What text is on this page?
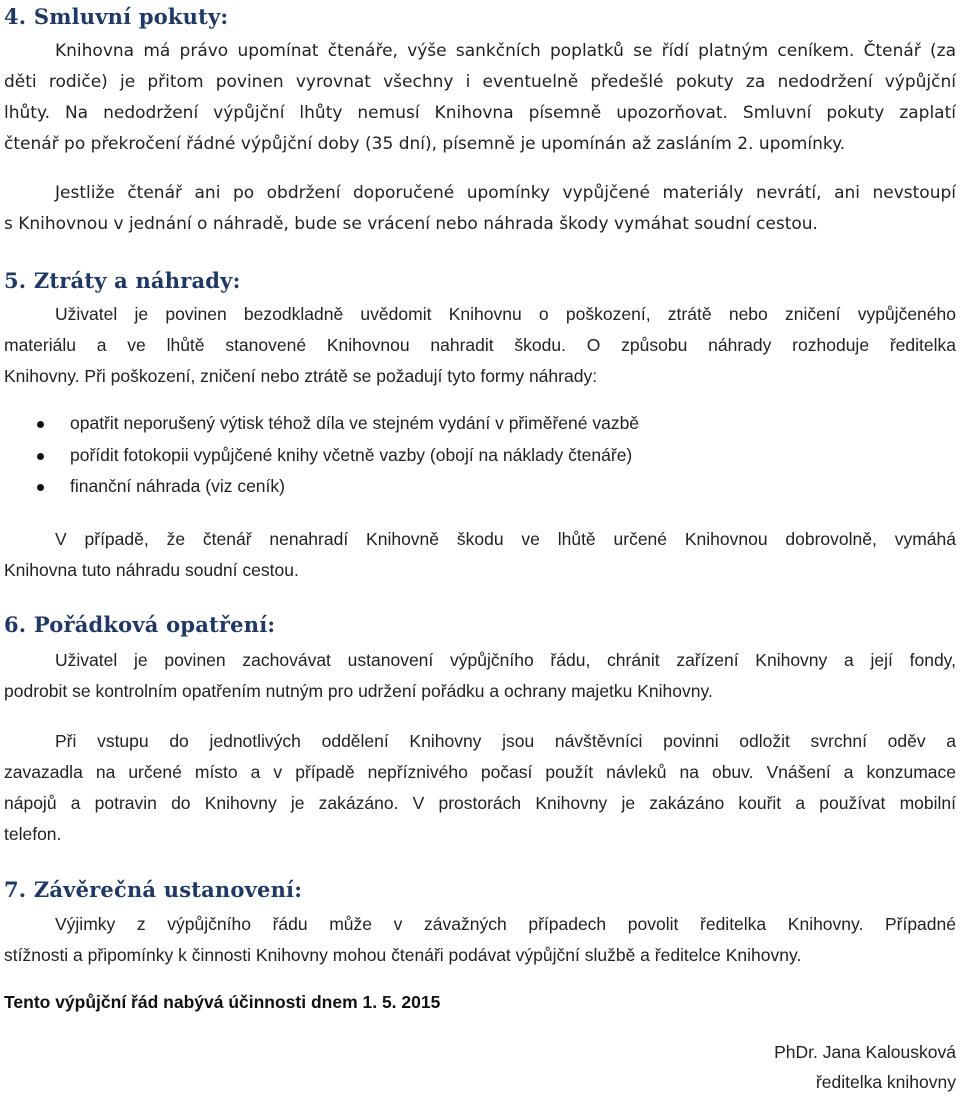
4. Smluvní pokuty:
Knihovna má právo upomínat čtenáře, výše sankčních poplatků se řídí platným ceníkem. Čtenář (za
děti rodiče) je přitom povinen vyrovnat všechny i eventuelně předešlé pokuty za nedodržení výpůjční
lhůty. Na nedodržení výpůjční lhůty nemusí Knihovna písemně upozorňovat. Smluvní pokuty zaplatí
čtenář po překročení řádné výpůjční doby (35 dní), písemně je upomínán až zasláním 2. upomínky.
Jestliže čtenář ani po obdržení doporučené upomínky vypůjčené materiály nevrátí, ani nevstoupí
s Knihovnou v jednání o náhradě, bude se vrácení nebo náhrada škody vymáhat soudní cestou.
5. Ztráty a náhrady:
Uživatel je povinen bezodkladně uvědomit Knihovnu o poškození, ztrátě nebo zničení vypůjčeného
materiálu a ve lhůtě stanovené Knihovnou nahradit škodu. O způsobu náhrady rozhoduje ředitelka
Knihovny. Při poškození, zničení nebo ztrátě se požadují tyto formy náhrady:
opatřit neporušený výtisk téhož díla ve stejném vydání v přiměřené vazbě
pořídit fotokopii vypůjčené knihy včetně vazby (obojí na náklady čtenáře)
finanční náhrada (viz ceník)
V případě, že čtenář nenahradí Knihovně škodu ve lhůtě určené Knihovnou dobrovolně, vymáhá
Knihovna tuto náhradu soudní cestou.
6. Pořádková opatření:
Uživatel je povinen zachovávat ustanovení výpůjčního řádu, chránit zařízení Knihovny a její fondy,
podrobit se kontrolním opatřením nutným pro udržení pořádku a ochrany majetku Knihovny.
Při vstupu do jednotlivých oddělení Knihovny jsou návštěvníci povinni odložit svrchní oděv a
zavazadla na určené místo a v případě nepříznivého počasí použít návleků na obuv. Vnášení a konzumace
nápojů a potravin do Knihovny je zakázáno. V prostorách Knihovny je zakázáno kouřit a používat mobilní
telefon.
7. Závěrečná ustanovení:
Výjimky z výpůjčního řádu může v závažných případech povolit ředitelka Knihovny. Případné
stížnosti a připomínky k činnosti Knihovny mohou čtenáři podávat výpůjční službě a ředitelce Knihovny.
Tento výpůjční řád nabývá účinnosti dnem 1. 5. 2015
PhDr. Jana Kalousková
ředitelka knihovny
